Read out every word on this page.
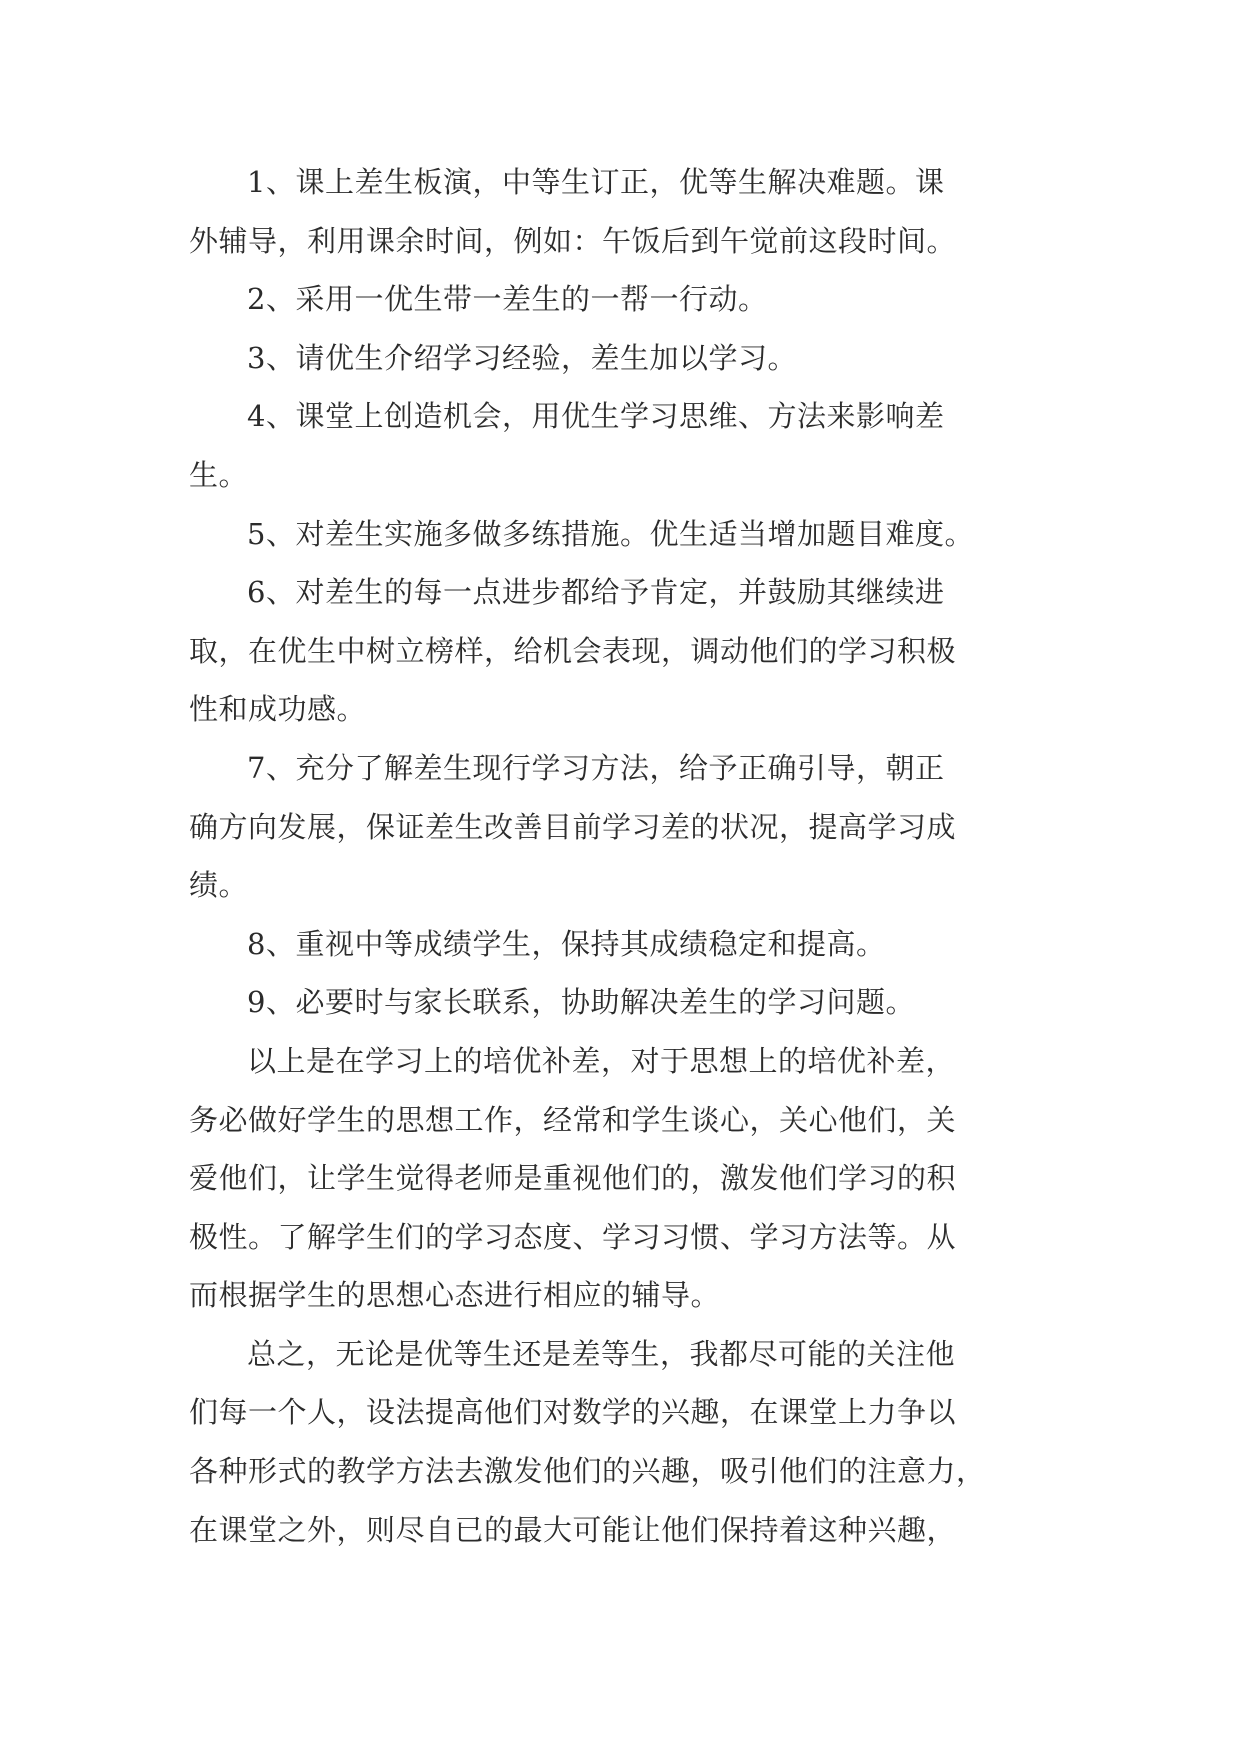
1、课上差生板演，中等生订正，优等生解决难题。课
外辅导，利用课余时间，例如：午饭后到午觉前这段时间。
2、采用一优生带一差生的一帮一行动。
3、请优生介绍学习经验，差生加以学习。
4、课堂上创造机会，用优生学习思维、方法来影响差
生。
5、对差生实施多做多练措施。优生适当增加题目难度。
6、对差生的每一点进步都给予肯定，并鼓励其继续进
取，在优生中树立榜样，给机会表现，调动他们的学习积极
性和成功感。
7、充分了解差生现行学习方法，给予正确引导，朝正
确方向发展，保证差生改善目前学习差的状况，提高学习成
绩。
8、重视中等成绩学生，保持其成绩稳定和提高。
9、必要时与家长联系，协助解决差生的学习问题。
以上是在学习上的培优补差，对于思想上的培优补差，
务必做好学生的思想工作，经常和学生谈心，关心他们，关
爱他们，让学生觉得老师是重视他们的，激发他们学习的积
极性。了解学生们的学习态度、学习习惯、学习方法等。从
而根据学生的思想心态进行相应的辅导。
总之，无论是优等生还是差等生，我都尽可能的关注他
们每一个人，设法提高他们对数学的兴趣，在课堂上力争以
各种形式的教学方法去激发他们的兴趣，吸引他们的注意力，
在课堂之外，则尽自已的最大可能让他们保持着这种兴趣，
